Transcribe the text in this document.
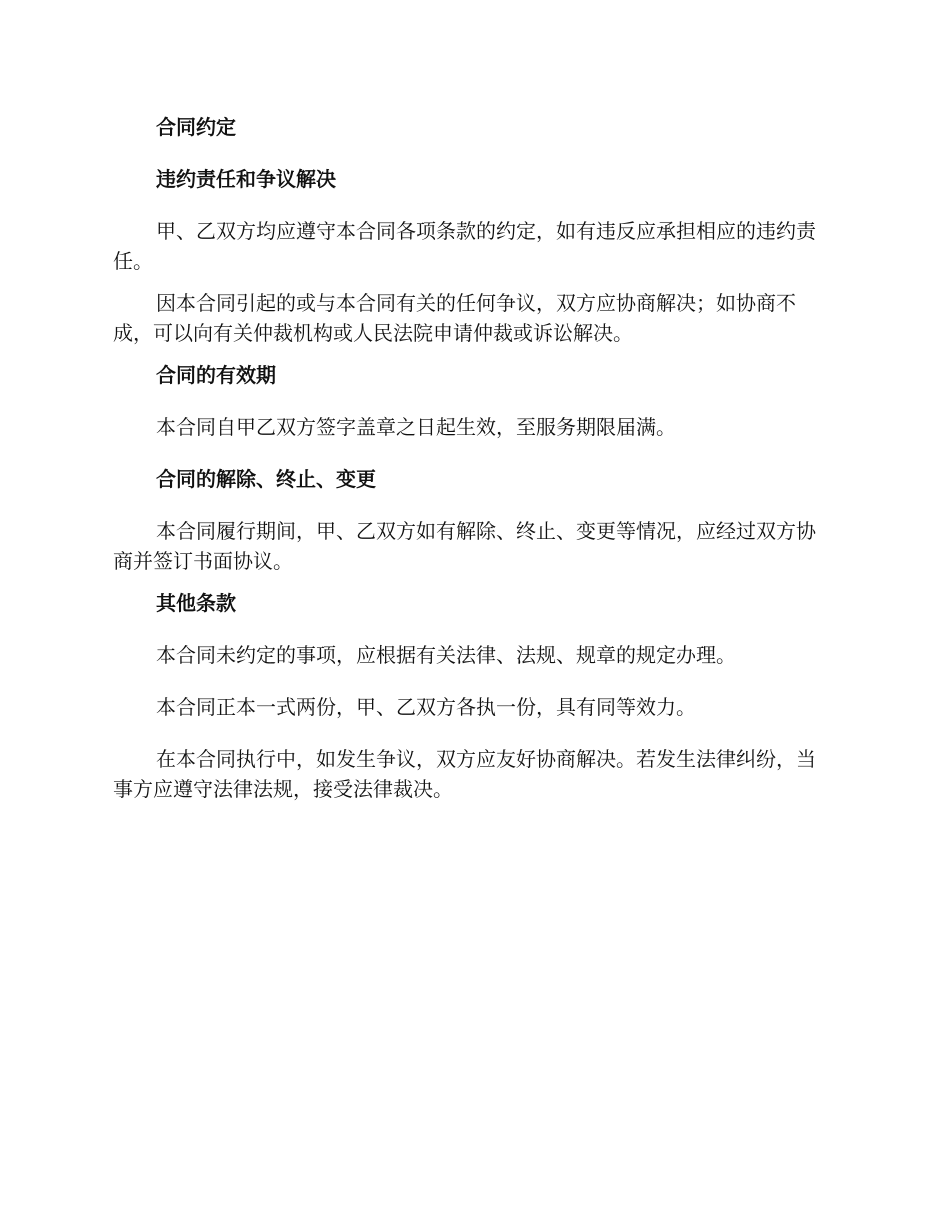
合同约定
违约责任和争议解决
甲、乙双方均应遵守本合同各项条款的约定，如有违反应承担相应的违约责任。
因本合同引起的或与本合同有关的任何争议，双方应协商解决；如协商不成，可以向有关仲裁机构或人民法院申请仲裁或诉讼解决。
合同的有效期
本合同自甲乙双方签字盖章之日起生效，至服务期限届满。
合同的解除、终止、变更
本合同履行期间，甲、乙双方如有解除、终止、变更等情况，应经过双方协商并签订书面协议。
其他条款
本合同未约定的事项，应根据有关法律、法规、规章的规定办理。
本合同正本一式两份，甲、乙双方各执一份，具有同等效力。
在本合同执行中，如发生争议，双方应友好协商解决。若发生法律纠纷，当事方应遵守法律法规，接受法律裁决。
